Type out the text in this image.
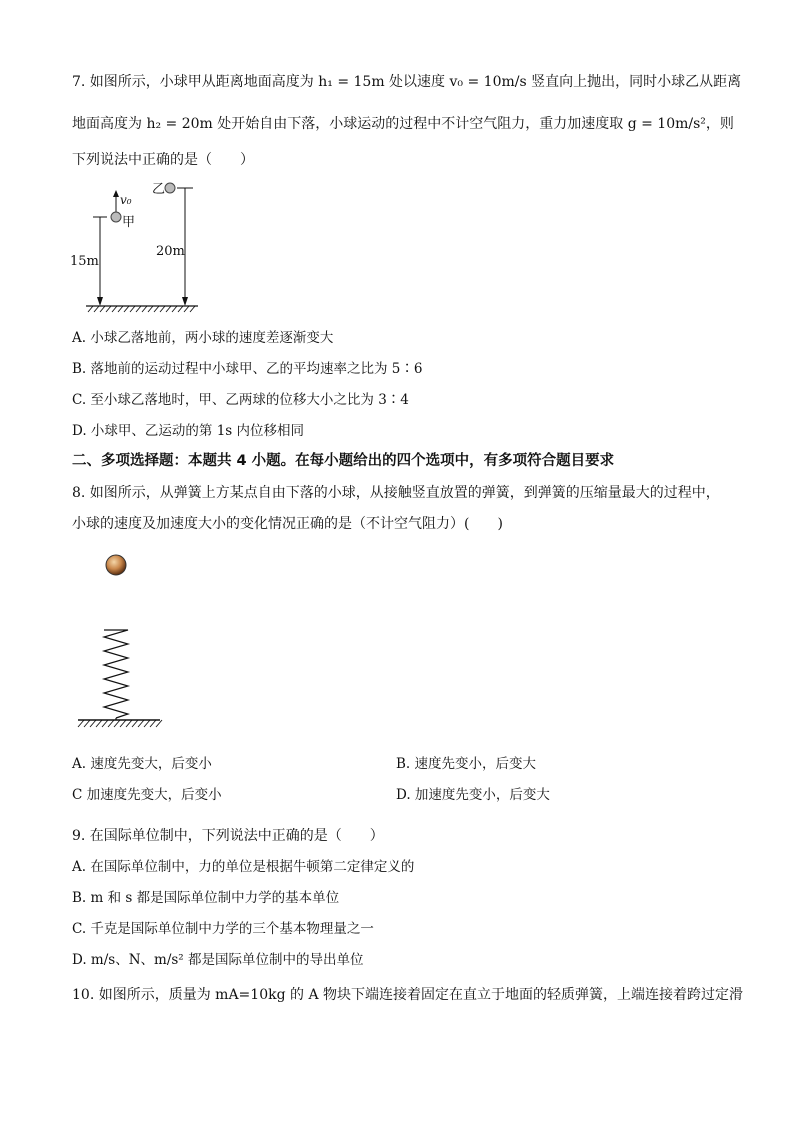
7. 如图所示，小球甲从距离地面高度为 h₁ = 15m 处以速度 v₀ = 10m/s 竖直向上抛出，同时小球乙从距离
地面高度为 h₂ = 20m 处开始自由下落，小球运动的过程中不计空气阻力，重力加速度取 g = 10m/s²，则
下列说法中正确的是（　　）
v₀
甲
15m
乙
20m
A. 小球乙落地前，两小球的速度差逐渐变大
B. 落地前的运动过程中小球甲、乙的平均速率之比为 5∶6
C. 至小球乙落地时，甲、乙两球的位移大小之比为 3∶4
D. 小球甲、乙运动的第 1s 内位移相同
二、多项选择题：本题共 4 小题。在每小题给出的四个选项中，有多项符合题目要求
8. 如图所示，从弹簧上方某点自由下落的小球，从接触竖直放置的弹簧，到弹簧的压缩量最大的过程中，
小球的速度及加速度大小的变化情况正确的是（不计空气阻力）(　　)
A. 速度先变大，后变小	B. 速度先变小，后变大
C 加速度先变大，后变小	D. 加速度先变小，后变大
9. 在国际单位制中，下列说法中正确的是（　　）
A. 在国际单位制中，力的单位是根据牛顿第二定律定义的
B. m 和 s 都是国际单位制中力学的基本单位
C. 千克是国际单位制中力学的三个基本物理量之一
D. m/s、N、m/s² 都是国际单位制中的导出单位
10. 如图所示，质量为 mA=10kg 的 A 物块下端连接着固定在直立于地面的轻质弹簧，上端连接着跨过定滑
